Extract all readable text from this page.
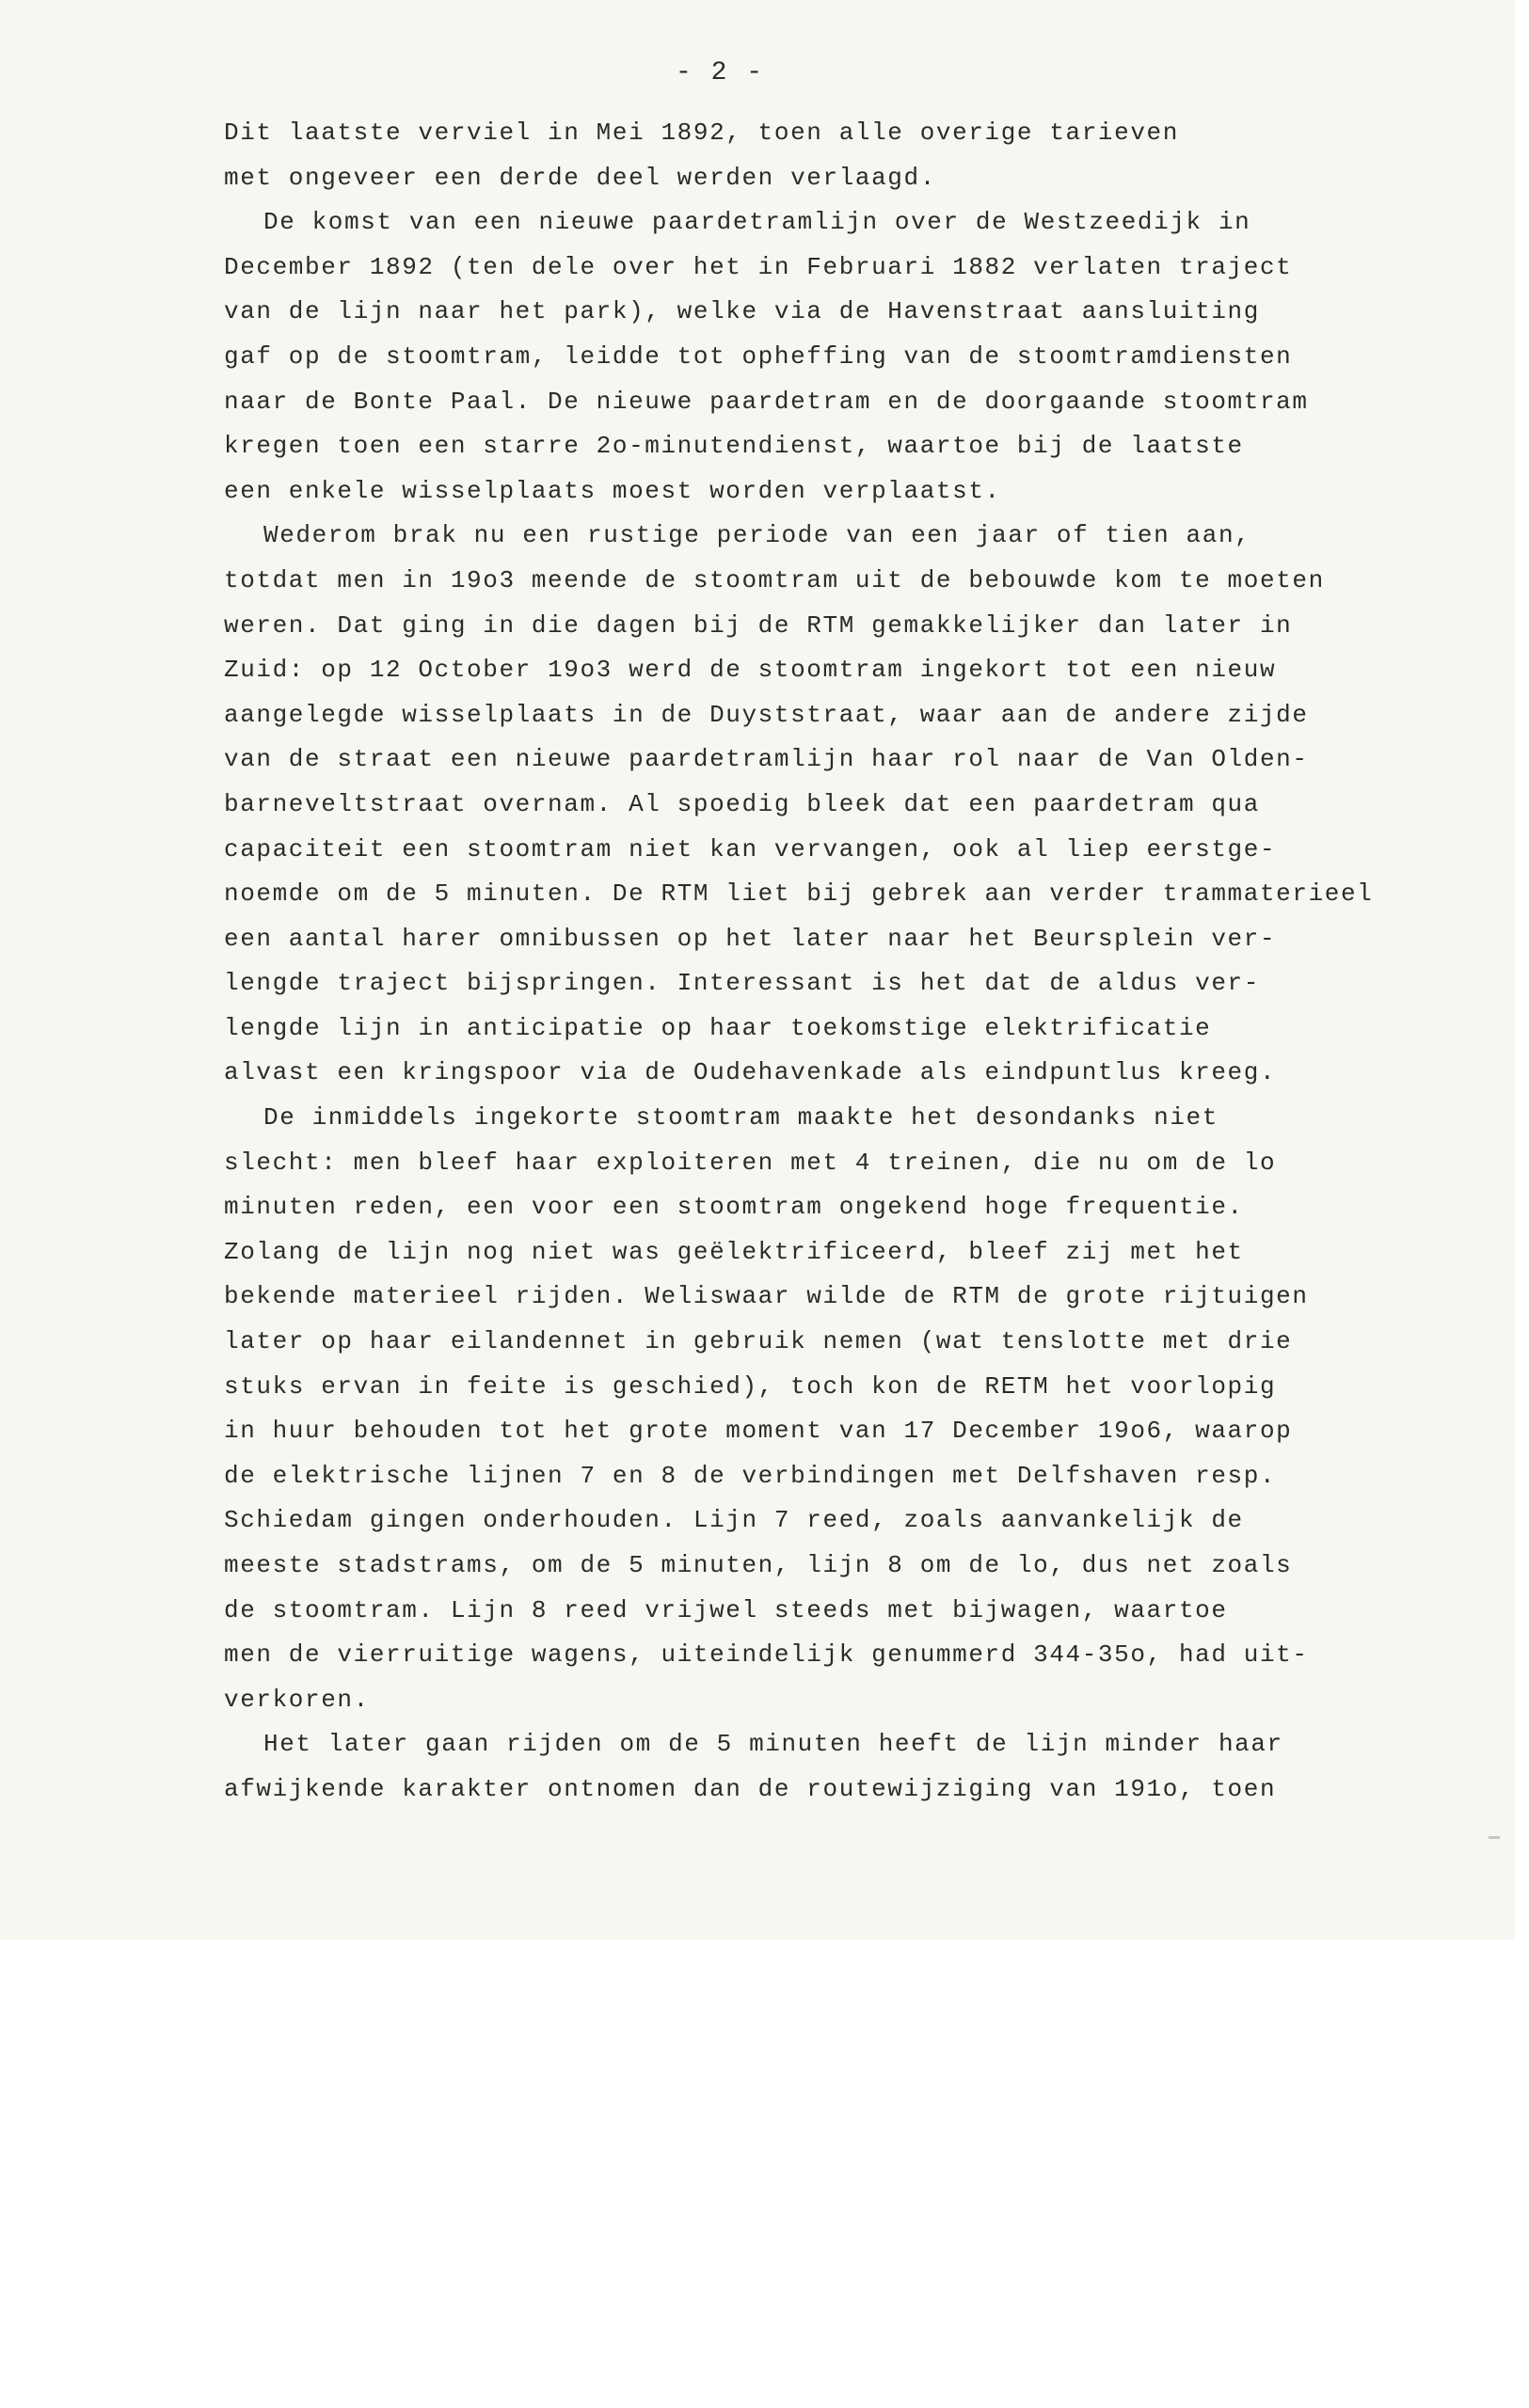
- 2 -
Dit laatste verviel in Mei 1892, toen alle overige tarieven
met ongeveer een derde deel werden verlaagd.
De komst van een nieuwe paardetramlijn over de Westzeedijk in
December 1892 (ten dele over het in Februari 1882 verlaten traject
van de lijn naar het park), welke via de Havenstraat aansluiting
gaf op de stoomtram, leidde tot opheffing van de stoomtramdiensten
naar de Bonte Paal. De nieuwe paardetram en de doorgaande stoomtram
kregen toen een starre 2o-minutendienst, waartoe bij de laatste
een enkele wisselplaats moest worden verplaatst.
Wederom brak nu een rustige periode van een jaar of tien aan,
totdat men in 19o3 meende de stoomtram uit de bebouwde kom te moeten
weren. Dat ging in die dagen bij de RTM gemakkelijker dan later in
Zuid: op 12 October 19o3 werd de stoomtram ingekort tot een nieuw
aangelegde wisselplaats in de Duyststraat, waar aan de andere zijde
van de straat een nieuwe paardetramlijn haar rol naar de Van Olden-
barneveltstraat overnam. Al spoedig bleek dat een paardetram qua
capaciteit een stoomtram niet kan vervangen, ook al liep eerstge-
noemde om de 5 minuten. De RTM liet bij gebrek aan verder trammaterieel
een aantal harer omnibussen op het later naar het Beursplein ver-
lengde traject bijspringen. Interessant is het dat de aldus ver-
lengde lijn in anticipatie op haar toekomstige elektrificatie
alvast een kringspoor via de Oudehavenkade als eindpuntlus kreeg.
De inmiddels ingekorte stoomtram maakte het desondanks niet
slecht: men bleef haar exploiteren met 4 treinen, die nu om de lo
minuten reden, een voor een stoomtram ongekend hoge frequentie.
Zolang de lijn nog niet was geëlektrificeerd, bleef zij met het
bekende materieel rijden. Weliswaar wilde de RTM de grote rijtuigen
later op haar eilandennet in gebruik nemen (wat tenslotte met drie
stuks ervan in feite is geschied), toch kon de RETM het voorlopig
in huur behouden tot het grote moment van 17 December 19o6, waarop
de elektrische lijnen 7 en 8 de verbindingen met Delfshaven resp.
Schiedam gingen onderhouden. Lijn 7 reed, zoals aanvankelijk de
meeste stadstrams, om de 5 minuten, lijn 8 om de lo, dus net zoals
de stoomtram. Lijn 8 reed vrijwel steeds met bijwagen, waartoe
men de vierruitige wagens, uiteindelijk genummerd 344-35o, had uit-
verkoren.
Het later gaan rijden om de 5 minuten heeft de lijn minder haar
afwijkende karakter ontnomen dan de routewijziging van 191o, toen
